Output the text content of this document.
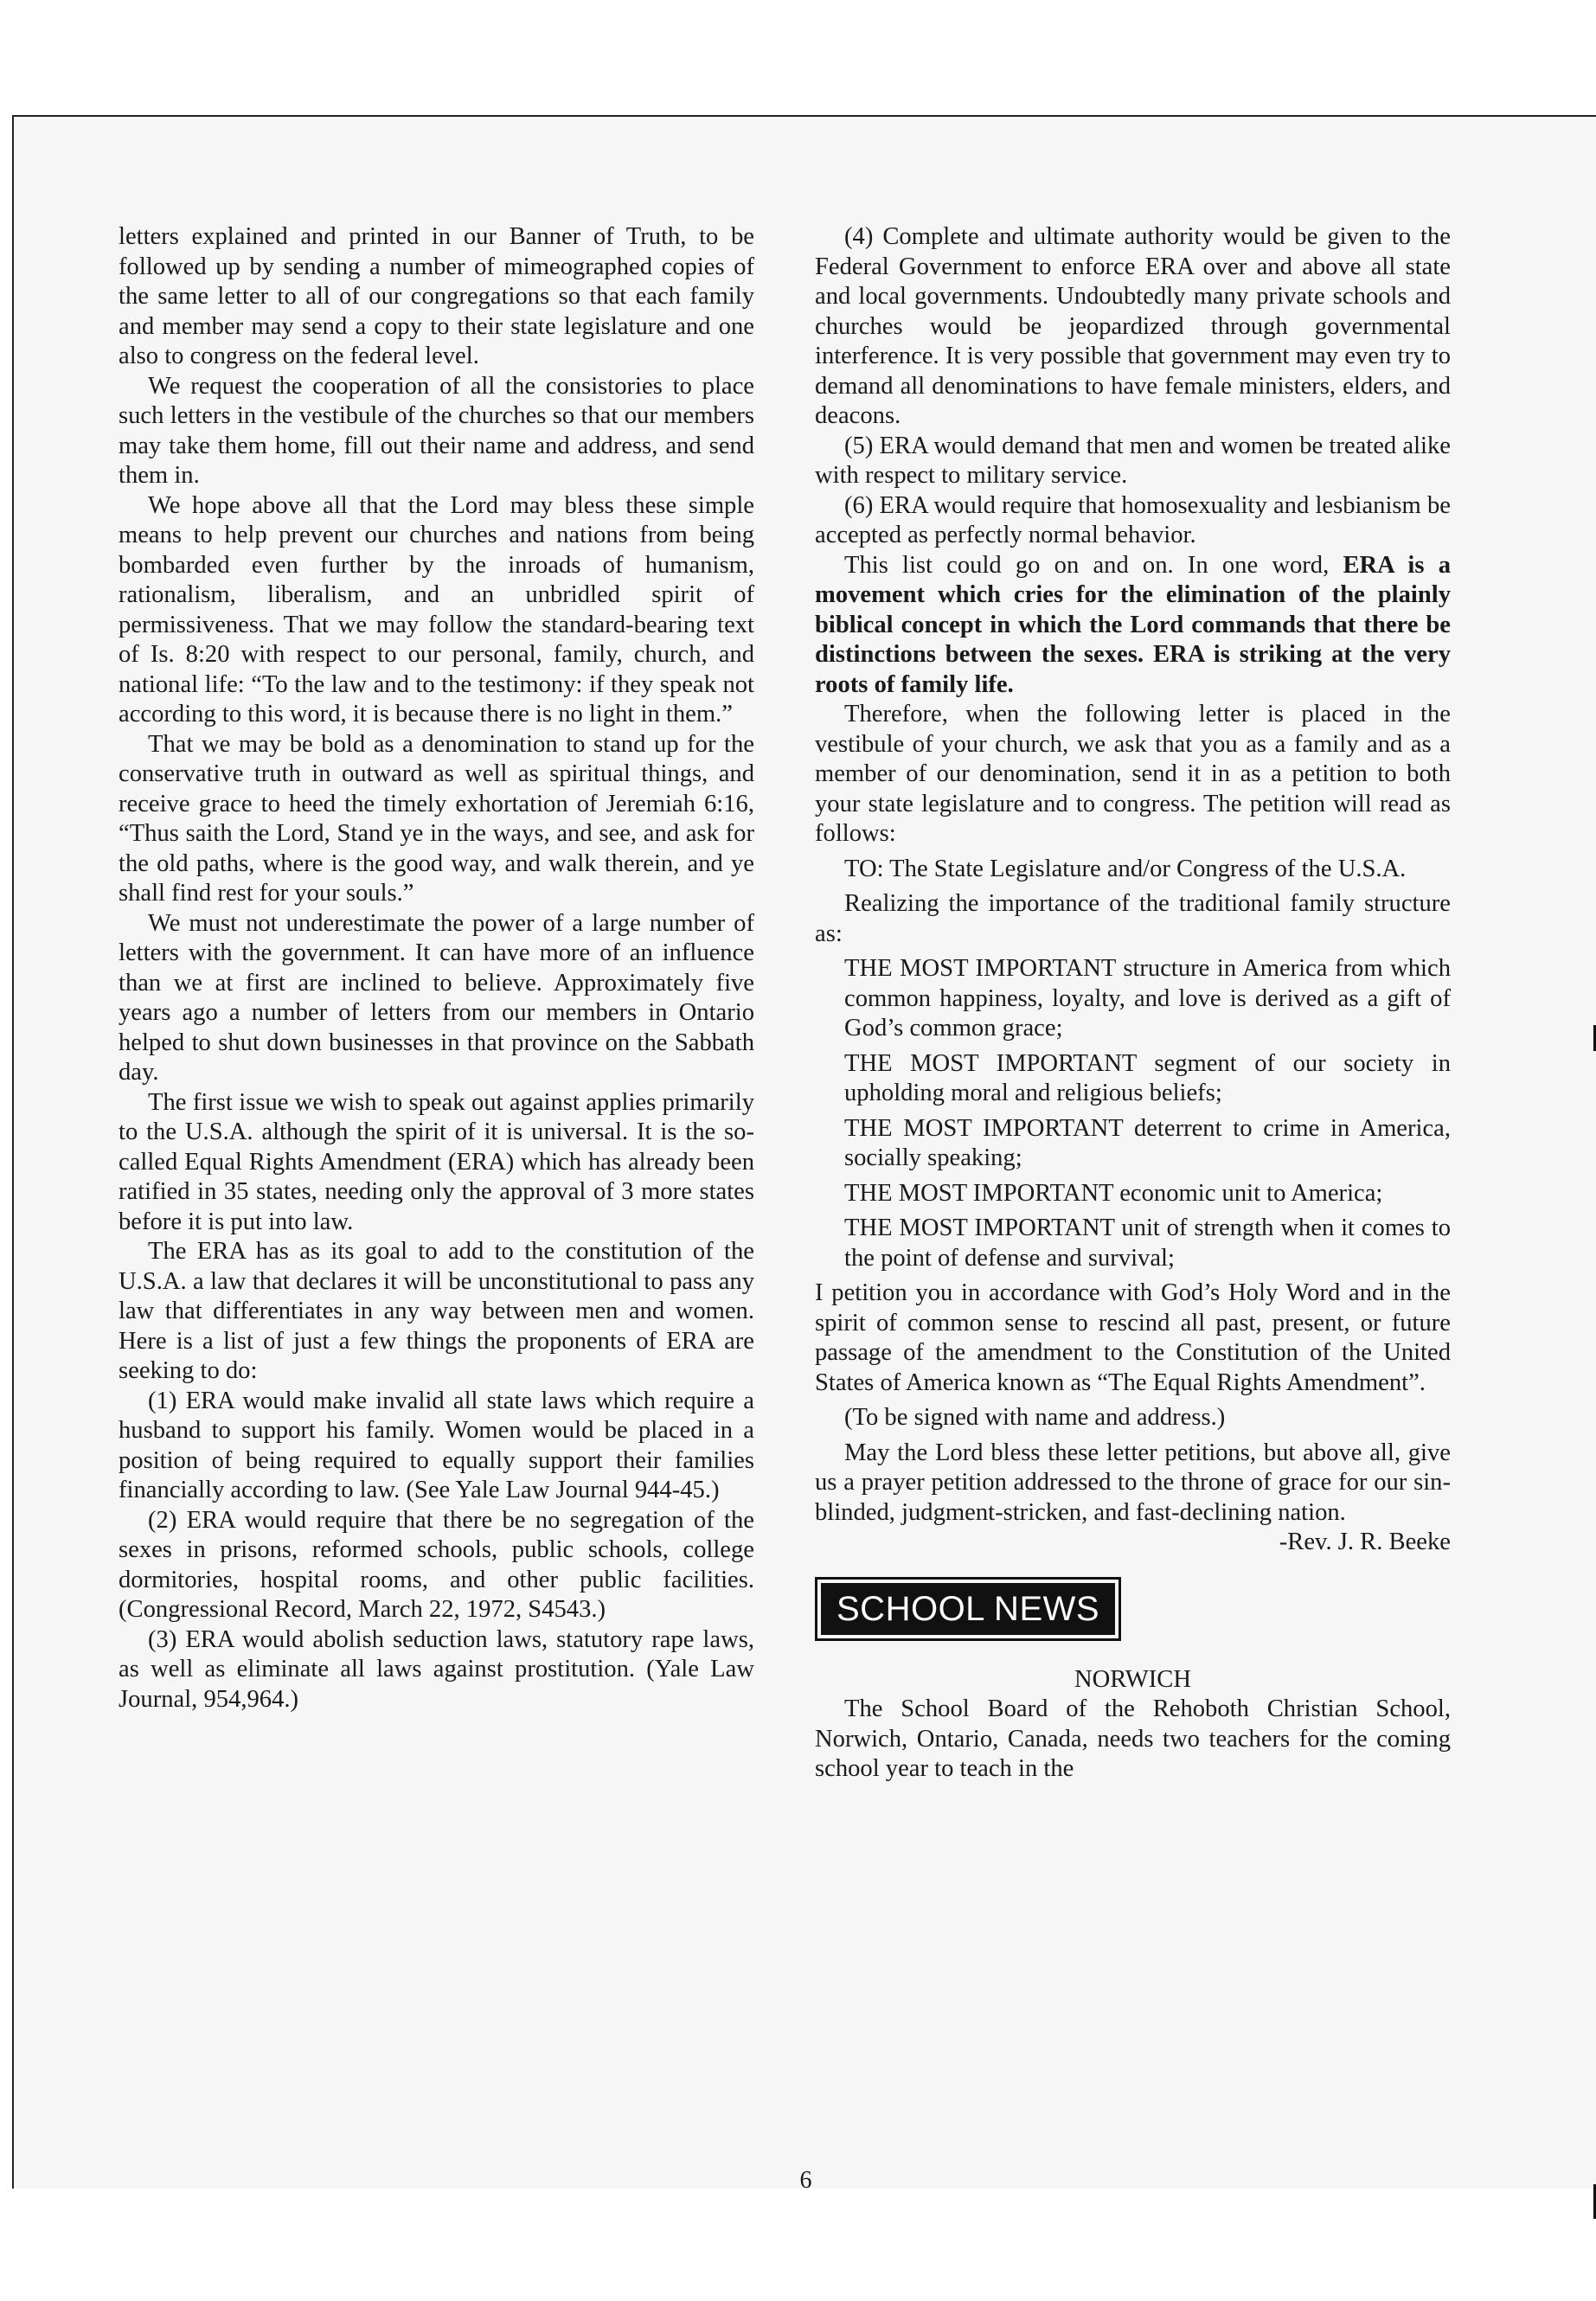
letters explained and printed in our Banner of Truth, to be followed up by sending a number of mimeographed copies of the same letter to all of our congregations so that each family and member may send a copy to their state legislature and one also to congress on the federal level.

We request the cooperation of all the consistories to place such letters in the vestibule of the churches so that our members may take them home, fill out their name and address, and send them in.

We hope above all that the Lord may bless these simple means to help prevent our churches and nations from being bombarded even further by the inroads of humanism, rationalism, liberalism, and an unbridled spirit of permissiveness. That we may follow the standard-bearing text of Is. 8:20 with respect to our personal, family, church, and national life: “To the law and to the testimony: if they speak not according to this word, it is because there is no light in them.”

That we may be bold as a denomination to stand up for the conservative truth in outward as well as spiritual things, and receive grace to heed the timely exhortation of Jeremiah 6:16, “Thus saith the Lord, Stand ye in the ways, and see, and ask for the old paths, where is the good way, and walk therein, and ye shall find rest for your souls.”

We must not underestimate the power of a large number of letters with the government. It can have more of an influence than we at first are inclined to believe. Approximately five years ago a number of letters from our members in Ontario helped to shut down businesses in that province on the Sabbath day.

The first issue we wish to speak out against applies primarily to the U.S.A. although the spirit of it is universal. It is the so-called Equal Rights Amendment (ERA) which has already been ratified in 35 states, needing only the approval of 3 more states before it is put into law.

The ERA has as its goal to add to the constitution of the U.S.A. a law that declares it will be unconstitutional to pass any law that differentiates in any way between men and women. Here is a list of just a few things the proponents of ERA are seeking to do:

(1) ERA would make invalid all state laws which require a husband to support his family. Women would be placed in a position of being required to equally support their families financially according to law. (See Yale Law Journal 944-45.)

(2) ERA would require that there be no segregation of the sexes in prisons, reformed schools, public schools, college dormitories, hospital rooms, and other public facilities. (Congressional Record, March 22, 1972, S4543.)

(3) ERA would abolish seduction laws, statutory rape laws, as well as eliminate all laws against prostitution. (Yale Law Journal, 954,964.)

(4) Complete and ultimate authority would be given to the Federal Government to enforce ERA over and above all state and local governments. Undoubtedly many private schools and churches would be jeopardized through governmental interference. It is very possible that government may even try to demand all denominations to have female ministers, elders, and deacons.

(5) ERA would demand that men and women be treated alike with respect to military service.

(6) ERA would require that homosexuality and lesbianism be accepted as perfectly normal behavior.

This list could go on and on. In one word, ERA is a movement which cries for the elimination of the plainly biblical concept in which the Lord commands that there be distinctions between the sexes. ERA is striking at the very roots of family life.

Therefore, when the following letter is placed in the vestibule of your church, we ask that you as a family and as a member of our denomination, send it in as a petition to both your state legislature and to congress. The petition will read as follows:

TO: The State Legislature and/or Congress of the U.S.A.

Realizing the importance of the traditional family structure as:

THE MOST IMPORTANT structure in America from which common happiness, loyalty, and love is derived as a gift of God’s common grace;

THE MOST IMPORTANT segment of our society in upholding moral and religious beliefs;

THE MOST IMPORTANT deterrent to crime in America, socially speaking;

THE MOST IMPORTANT economic unit to America;

THE MOST IMPORTANT unit of strength when it comes to the point of defense and survival;

I petition you in accordance with God’s Holy Word and in the spirit of common sense to rescind all past, present, or future passage of the amendment to the Constitution of the United States of America known as “The Equal Rights Amendment”.

(To be signed with name and address.)

May the Lord bless these letter petitions, but above all, give us a prayer petition addressed to the throne of grace for our sin-blinded, judgment-stricken, and fast-declining nation.

-Rev. J. R. Beeke

SCHOOL NEWS

NORWICH

The School Board of the Rehoboth Christian School, Norwich, Ontario, Canada, needs two teachers for the coming school year to teach in the

6
